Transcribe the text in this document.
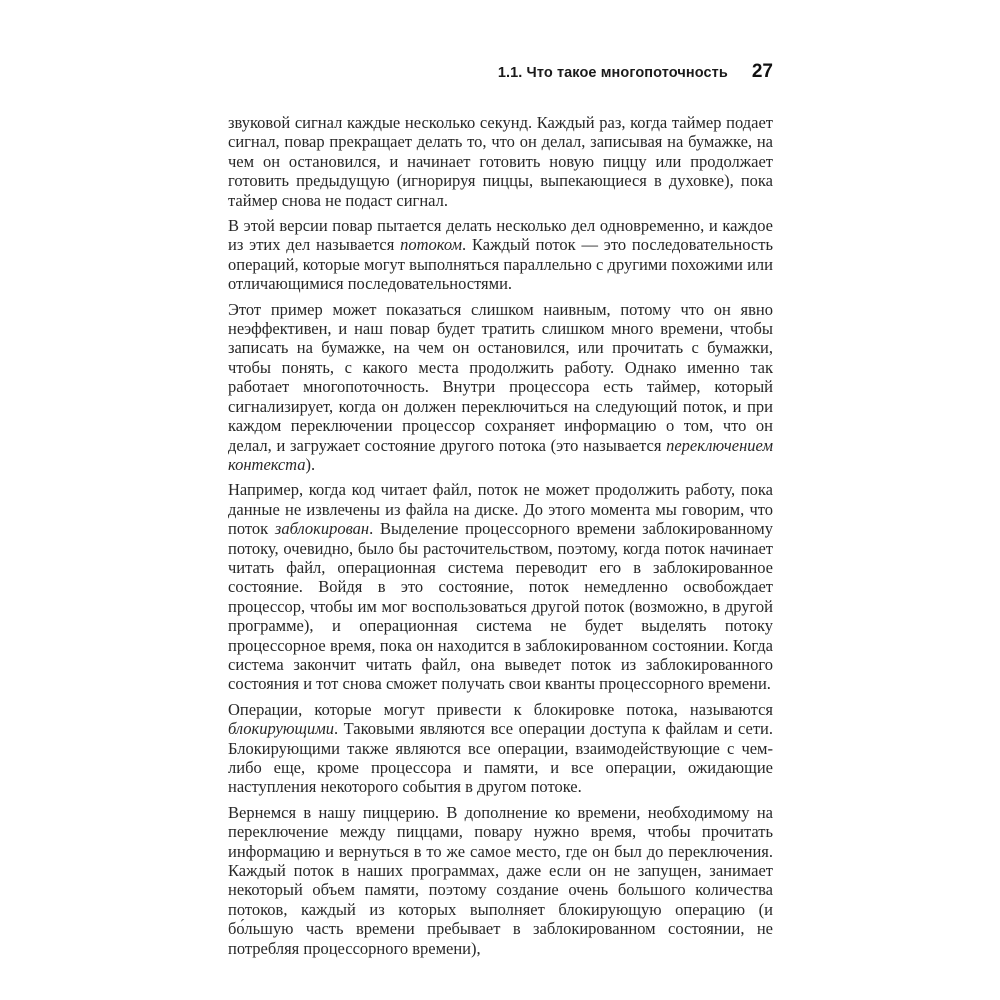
1.1. Что такое многопоточность 27

звуковой сигнал каждые несколько секунд. Каждый раз, когда таймер подает сигнал, повар прекращает делать то, что он делал, записывая на бумажке, на чем он остановился, и начинает готовить новую пиццу или продолжает готовить предыдущую (игнорируя пиццы, выпекающиеся в духовке), пока таймер снова не подаст сигнал.

В этой версии повар пытается делать несколько дел одновременно, и каждое из этих дел называется потоком. Каждый поток — это последовательность операций, которые могут выполняться параллельно с другими похожими или отличающимися последовательностями.

Этот пример может показаться слишком наивным, потому что он явно неэффективен, и наш повар будет тратить слишком много времени, чтобы записать на бумажке, на чем он остановился, или прочитать с бумажки, чтобы понять, с какого места продолжить работу. Однако именно так работает многопоточность. Внутри процессора есть таймер, который сигнализирует, когда он должен переключиться на следующий поток, и при каждом переключении процессор сохраняет информацию о том, что он делал, и загружает состояние другого потока (это называется переключением контекста).

Например, когда код читает файл, поток не может продолжить работу, пока данные не извлечены из файла на диске. До этого момента мы говорим, что поток заблокирован. Выделение процессорного времени заблокированному потоку, очевидно, было бы расточительством, поэтому, когда поток начинает читать файл, операционная система переводит его в заблокированное состояние. Войдя в это состояние, поток немедленно освобождает процессор, чтобы им мог воспользоваться другой поток (возможно, в другой программе), и операционная система не будет выделять потоку процессорное время, пока он находится в заблокированном состоянии. Когда система закончит читать файл, она выведет поток из заблокированного состояния и тот снова сможет получать свои кванты процессорного времени.

Операции, которые могут привести к блокировке потока, называются блокирующими. Таковыми являются все операции доступа к файлам и сети. Блокирующими также являются все операции, взаимодействующие с чем-либо еще, кроме процессора и памяти, и все операции, ожидающие наступления некоторого события в другом потоке.

Вернемся в нашу пиццерию. В дополнение ко времени, необходимому на переключение между пиццами, повару нужно время, чтобы прочитать информацию и вернуться в то же самое место, где он был до переключения. Каждый поток в наших программах, даже если он не запущен, занимает некоторый объем памяти, поэтому создание очень большого количества потоков, каждый из которых выполняет блокирующую операцию (и бо́льшую часть времени пребывает в заблокированном состоянии, не потребляя процессорного времени),
